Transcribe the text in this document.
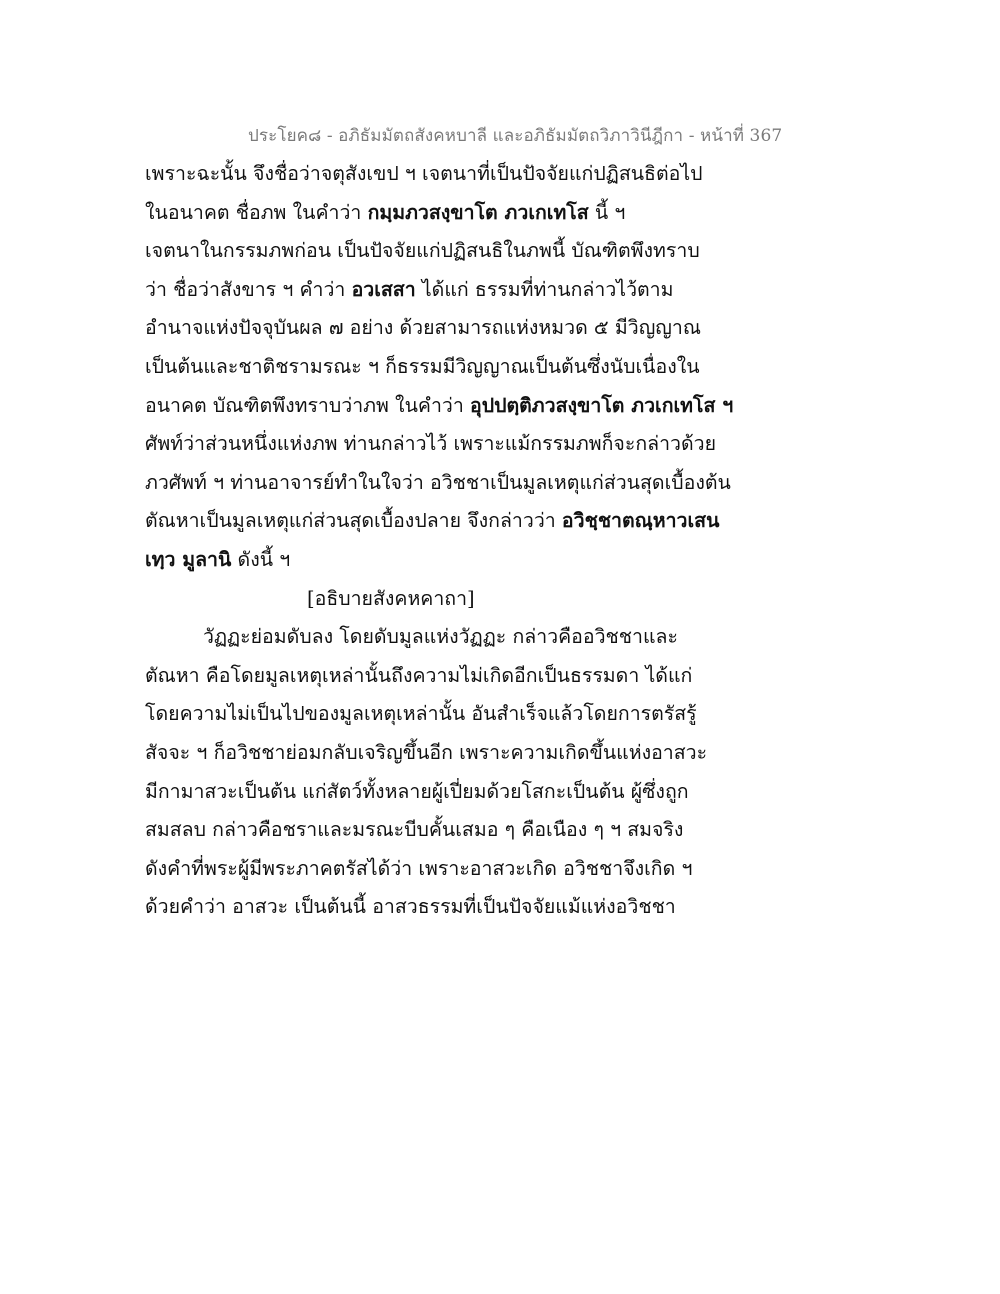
ประโยค๘ - อภิธัมมัตถสังคหบาลี และอภิธัมมัตถวิภาวินีฎีกา - หน้าที่ 367
เพราะฉะนั้น จึงชื่อว่าจตุสังเขป ฯ เจตนาที่เป็นปัจจัยแก่ปฏิสนธิต่อไป
ในอนาคต ชื่อภพ ในคำว่า กมฺมภวสงฺขาโต ภวเกเทโส นี้ ฯ
เจตนาในกรรมภพก่อน เป็นปัจจัยแก่ปฏิสนธิในภพนี้ บัณฑิตพึงทราบ
ว่า ชื่อว่าสังขาร ฯ คำว่า อวเสสา ได้แก่ ธรรมที่ท่านกล่าวไว้ตาม
อำนาจแห่งปัจจุบันผล ๗ อย่าง ด้วยสามารถแห่งหมวด ๕ มีวิญญาณ
เป็นต้นและชาติชรามรณะ ฯ ก็ธรรมมีวิญญาณเป็นต้นซึ่งนับเนื่องใน
อนาคต บัณฑิตพึงทราบว่าภพ ในคำว่า อุปปตฺติภวสงฺขาโต ภวเกเทโส ฯ
ศัพท์ว่าส่วนหนึ่งแห่งภพ ท่านกล่าวไว้ เพราะแม้กรรมภพก็จะกล่าวด้วย
ภวศัพท์ ฯ ท่านอาจารย์ทำในใจว่า อวิชชาเป็นมูลเหตุแก่ส่วนสุดเบื้องต้น
ตัณหาเป็นมูลเหตุแก่ส่วนสุดเบื้องปลาย จึงกล่าวว่า อวิชฺชาตณฺหาวเสน
เทฺว มูลานิ ดังนี้ ฯ
[อธิบายสังคหคาถา]
วัฏฏะย่อมดับลง โดยดับมูลแห่งวัฏฏะ กล่าวคืออวิชชาและ
ตัณหา คือโดยมูลเหตุเหล่านั้นถึงความไม่เกิดอีกเป็นธรรมดา ได้แก่
โดยความไม่เป็นไปของมูลเหตุเหล่านั้น อันสำเร็จแล้วโดยการตรัสรู้
สัจจะ ฯ ก็อวิชชาย่อมกลับเจริญขึ้นอีก เพราะความเกิดขึ้นแห่งอาสวะ
มีกามาสวะเป็นต้น แก่สัตว์ทั้งหลายผู้เปี่ยมด้วยโสกะเป็นต้น ผู้ซึ่งถูก
สมสลบ กล่าวคือชราและมรณะบีบคั้นเสมอ ๆ คือเนือง ๆ ฯ สมจริง
ดังคำที่พระผู้มีพระภาคตรัสได้ว่า เพราะอาสวะเกิด อวิชชาจึงเกิด ฯ
ด้วยคำว่า อาสวะ เป็นต้นนี้ อาสวธรรมที่เป็นปัจจัยแม้แห่งอวิชชา
